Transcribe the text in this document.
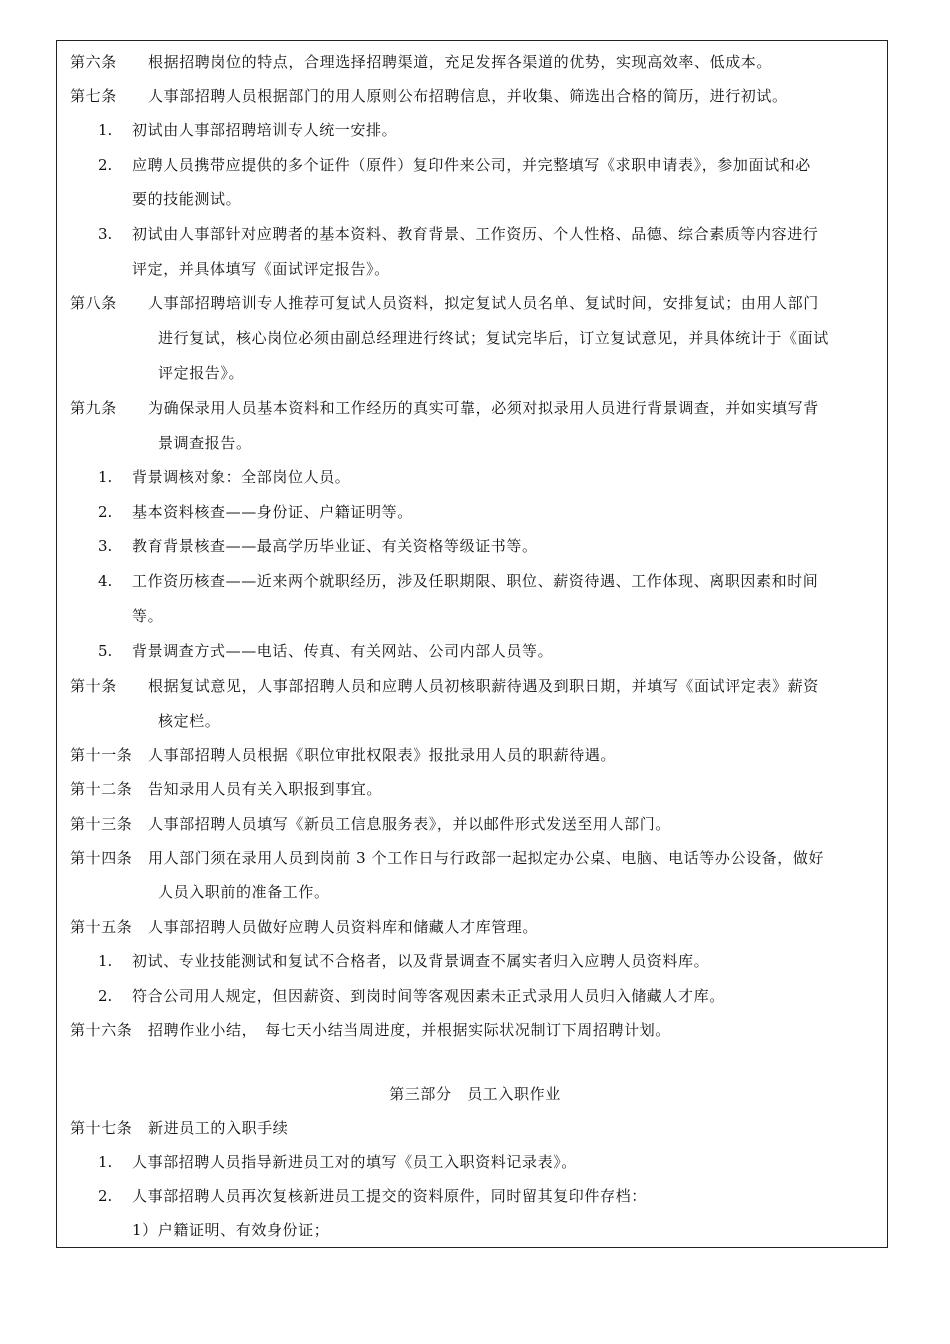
第六条　　根据招聘岗位的特点，合理选择招聘渠道，充足发挥各渠道的优势，实现高效率、低成本。
第七条　　人事部招聘人员根据部门的用人原则公布招聘信息，并收集、筛选出合格的简历，进行初试。
1. 初试由人事部招聘培训专人统一安排。
2. 应聘人员携带应提供的多个证件（原件）复印件来公司，并完整填写《求职申请表》，参加面试和必
要的技能测试。
3. 初试由人事部针对应聘者的基本资料、教育背景、工作资历、个人性格、品德、综合素质等内容进行
评定，并具体填写《面试评定报告》。
第八条　　人事部招聘培训专人推荐可复试人员资料，拟定复试人员名单、复试时间，安排复试；由用人部门
进行复试，核心岗位必须由副总经理进行终试；复试完毕后，订立复试意见，并具体统计于《面试
评定报告》。
第九条　　为确保录用人员基本资料和工作经历的真实可靠，必须对拟录用人员进行背景调查，并如实填写背
景调查报告。
1. 背景调核对象：全部岗位人员。
2. 基本资料核查——身份证、户籍证明等。
3. 教育背景核查——最高学历毕业证、有关资格等级证书等。
4. 工作资历核查——近来两个就职经历，涉及任职期限、职位、薪资待遇、工作体现、离职因素和时间
等。
5. 背景调查方式——电话、传真、有关网站、公司内部人员等。
第十条　　根据复试意见，人事部招聘人员和应聘人员初核职薪待遇及到职日期，并填写《面试评定表》薪资
核定栏。
第十一条　人事部招聘人员根据《职位审批权限表》报批录用人员的职薪待遇。
第十二条　告知录用人员有关入职报到事宜。
第十三条　人事部招聘人员填写《新员工信息服务表》，并以邮件形式发送至用人部门。
第十四条　用人部门须在录用人员到岗前 3 个工作日与行政部一起拟定办公桌、电脑、电话等办公设备，做好
人员入职前的准备工作。
第十五条　人事部招聘人员做好应聘人员资料库和储藏人才库管理。
1. 初试、专业技能测试和复试不合格者，以及背景调查不属实者归入应聘人员资料库。
2. 符合公司用人规定，但因薪资、到岗时间等客观因素未正式录用人员归入储藏人才库。
第十六条　招聘作业小结，　每七天小结当周进度，并根据实际状况制订下周招聘计划。
第三部分　员工入职作业
第十七条　新进员工的入职手续
1. 人事部招聘人员指导新进员工对的填写《员工入职资料记录表》。
2. 人事部招聘人员再次复核新进员工提交的资料原件，同时留其复印件存档：
1）户籍证明、有效身份证；
